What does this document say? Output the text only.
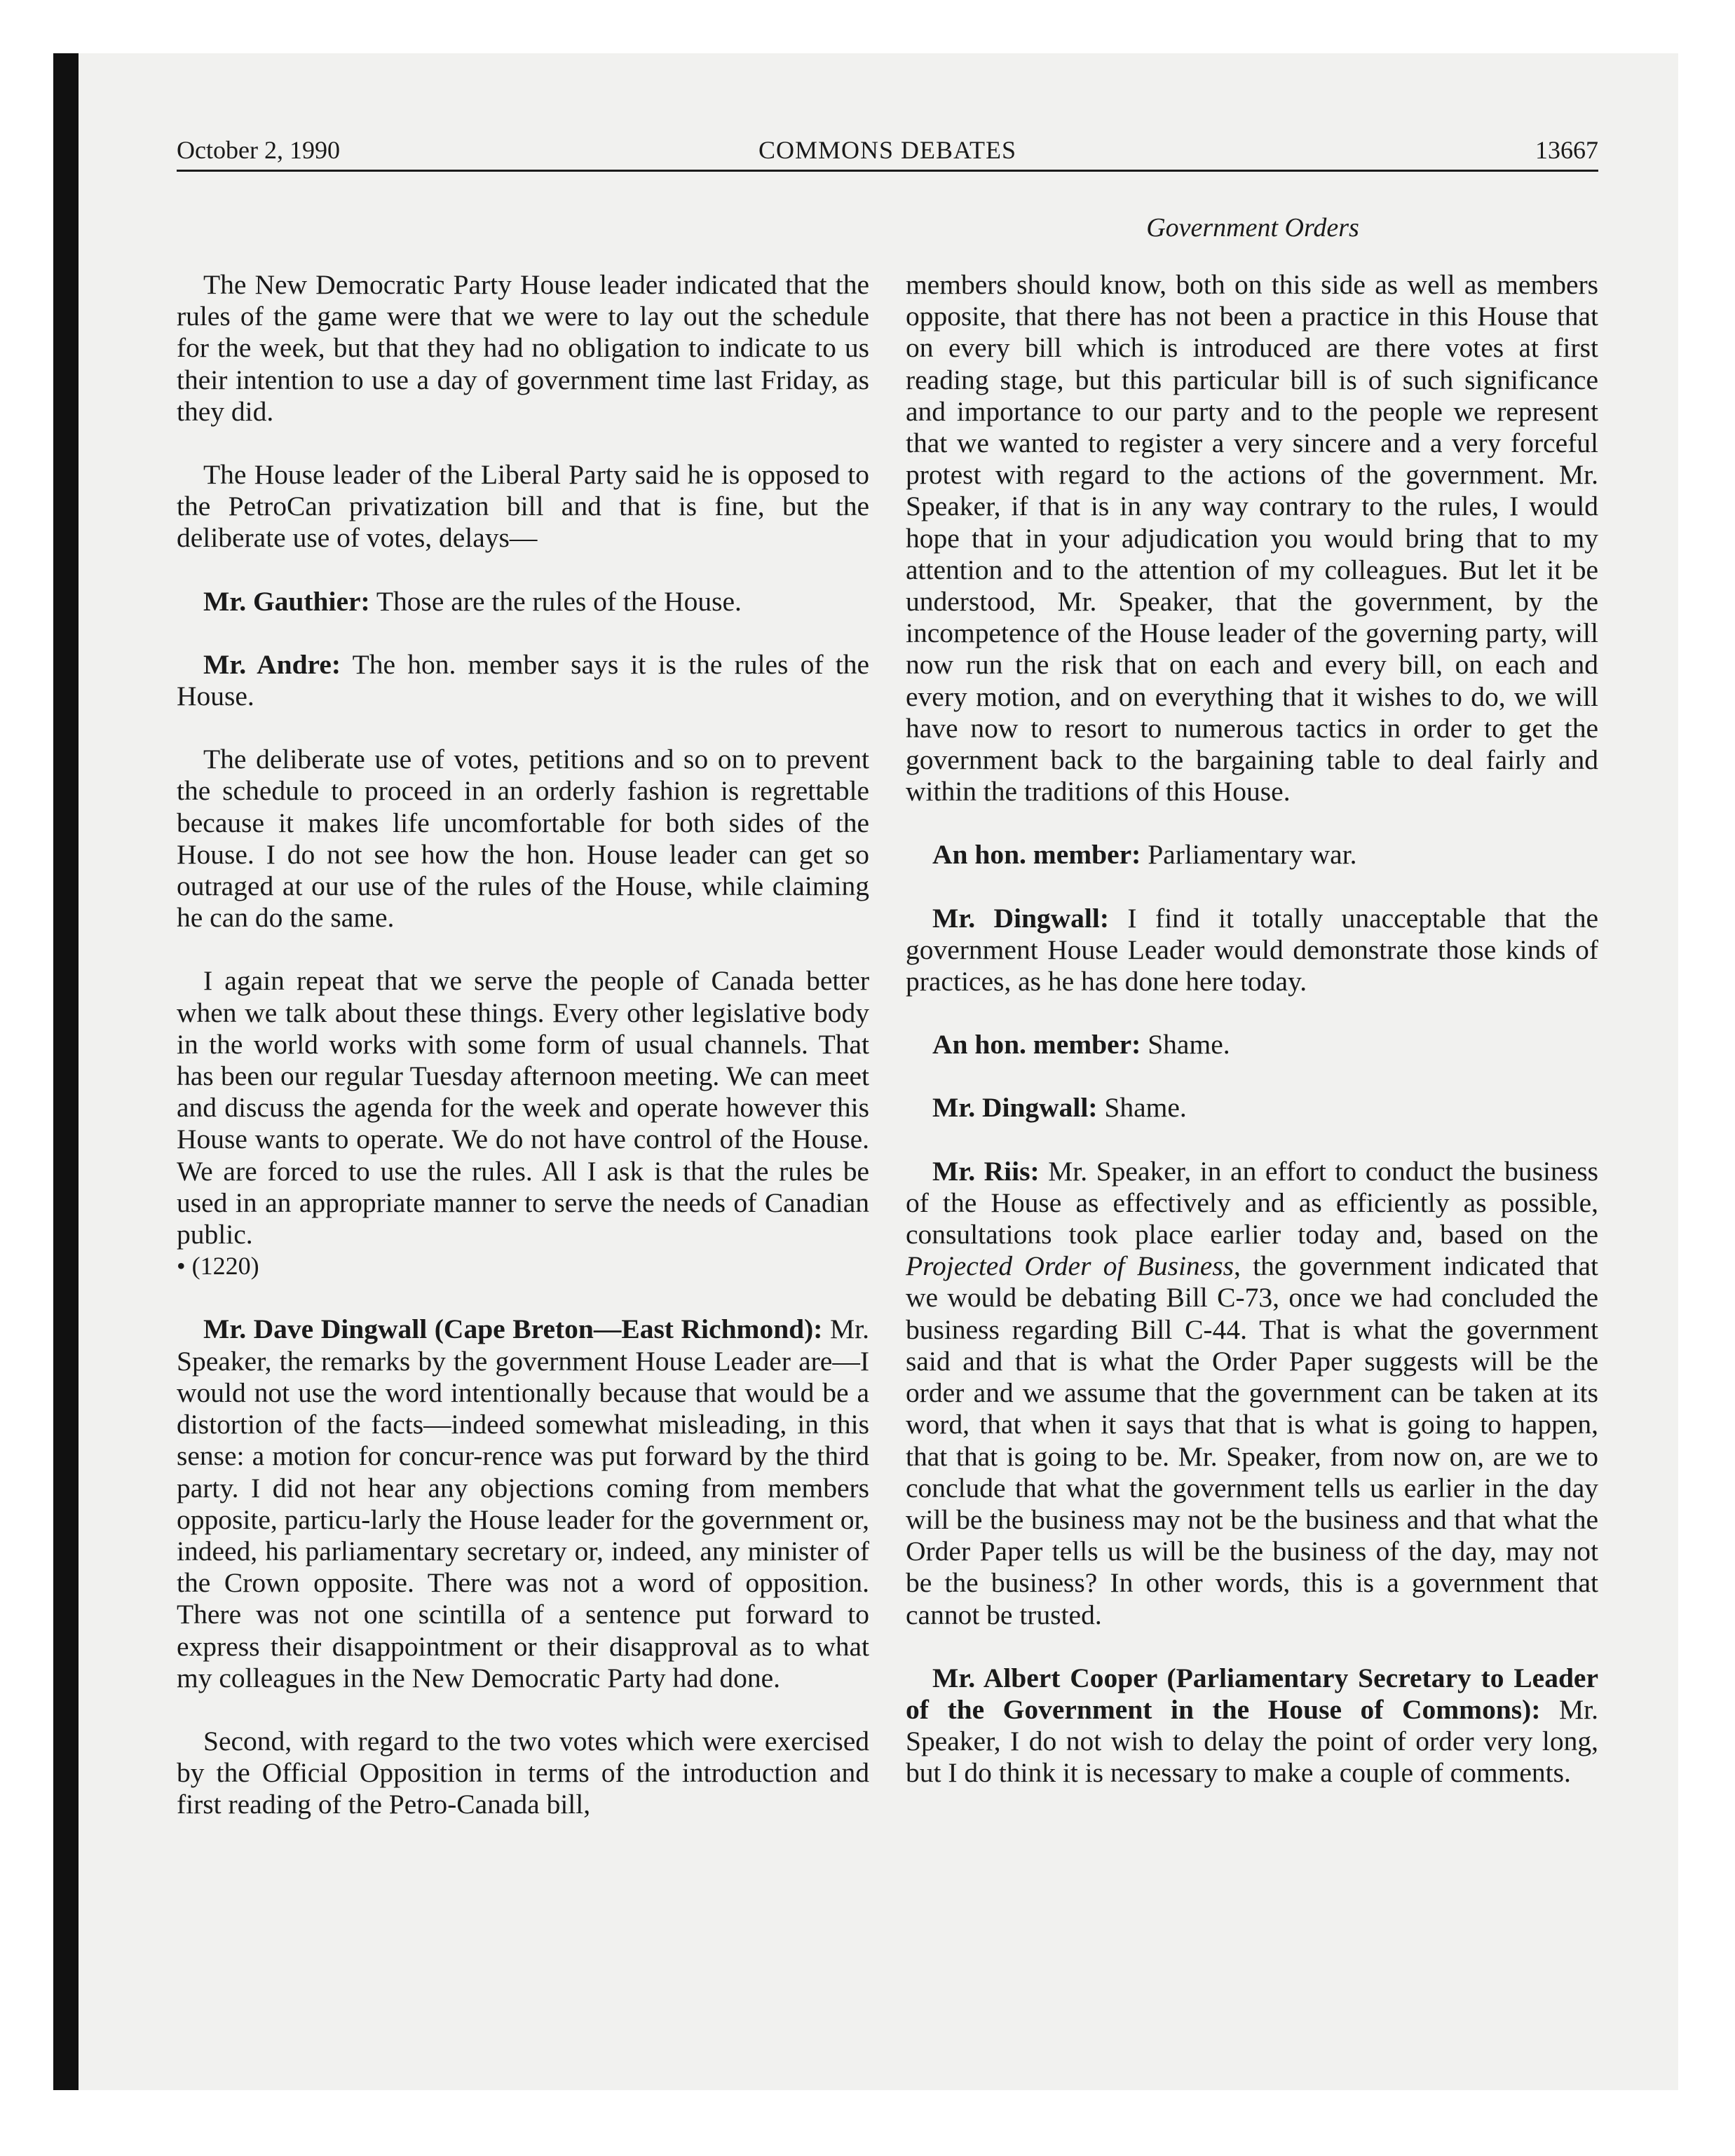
October 2, 1990	COMMONS DEBATES	13667
Government Orders

The New Democratic Party House leader indicated that the rules of the game were that we were to lay out the schedule for the week, but that they had no obligation to indicate to us their intention to use a day of government time last Friday, as they did.

The House leader of the Liberal Party said he is opposed to the PetroCan privatization bill and that is fine, but the deliberate use of votes, delays—

Mr. Gauthier: Those are the rules of the House.

Mr. Andre: The hon. member says it is the rules of the House.

The deliberate use of votes, petitions and so on to prevent the schedule to proceed in an orderly fashion is regrettable because it makes life uncomfortable for both sides of the House. I do not see how the hon. House leader can get so outraged at our use of the rules of the House, while claiming he can do the same.

I again repeat that we serve the people of Canada better when we talk about these things. Every other legislative body in the world works with some form of usual channels. That has been our regular Tuesday afternoon meeting. We can meet and discuss the agenda for the week and operate however this House wants to operate. We do not have control of the House. We are forced to use the rules. All I ask is that the rules be used in an appropriate manner to serve the needs of Canadian public.

• (1220)

Mr. Dave Dingwall (Cape Breton—East Richmond): Mr. Speaker, the remarks by the government House Leader are—I would not use the word intentionally because that would be a distortion of the facts—indeed somewhat misleading, in this sense: a motion for concur-rence was put forward by the third party. I did not hear any objections coming from members opposite, particu-larly the House leader for the government or, indeed, his parliamentary secretary or, indeed, any minister of the Crown opposite. There was not a word of opposition. There was not one scintilla of a sentence put forward to express their disappointment or their disapproval as to what my colleagues in the New Democratic Party had done.

Second, with regard to the two votes which were exercised by the Official Opposition in terms of the introduction and first reading of the Petro-Canada bill,

members should know, both on this side as well as members opposite, that there has not been a practice in this House that on every bill which is introduced are there votes at first reading stage, but this particular bill is of such significance and importance to our party and to the people we represent that we wanted to register a very sincere and a very forceful protest with regard to the actions of the government. Mr. Speaker, if that is in any way contrary to the rules, I would hope that in your adjudication you would bring that to my attention and to the attention of my colleagues. But let it be understood, Mr. Speaker, that the government, by the incompetence of the House leader of the governing party, will now run the risk that on each and every bill, on each and every motion, and on everything that it wishes to do, we will have now to resort to numerous tactics in order to get the government back to the bargaining table to deal fairly and within the traditions of this House.

An hon. member: Parliamentary war.

Mr. Dingwall: I find it totally unacceptable that the government House Leader would demonstrate those kinds of practices, as he has done here today.

An hon. member: Shame.

Mr. Dingwall: Shame.

Mr. Riis: Mr. Speaker, in an effort to conduct the business of the House as effectively and as efficiently as possible, consultations took place earlier today and, based on the Projected Order of Business, the government indicated that we would be debating Bill C-73, once we had concluded the business regarding Bill C-44. That is what the government said and that is what the Order Paper suggests will be the order and we assume that the government can be taken at its word, that when it says that that is what is going to happen, that that is going to be. Mr. Speaker, from now on, are we to conclude that what the government tells us earlier in the day will be the business may not be the business and that what the Order Paper tells us will be the business of the day, may not be the business? In other words, this is a government that cannot be trusted.

Mr. Albert Cooper (Parliamentary Secretary to Leader of the Government in the House of Commons): Mr. Speaker, I do not wish to delay the point of order very long, but I do think it is necessary to make a couple of comments.
